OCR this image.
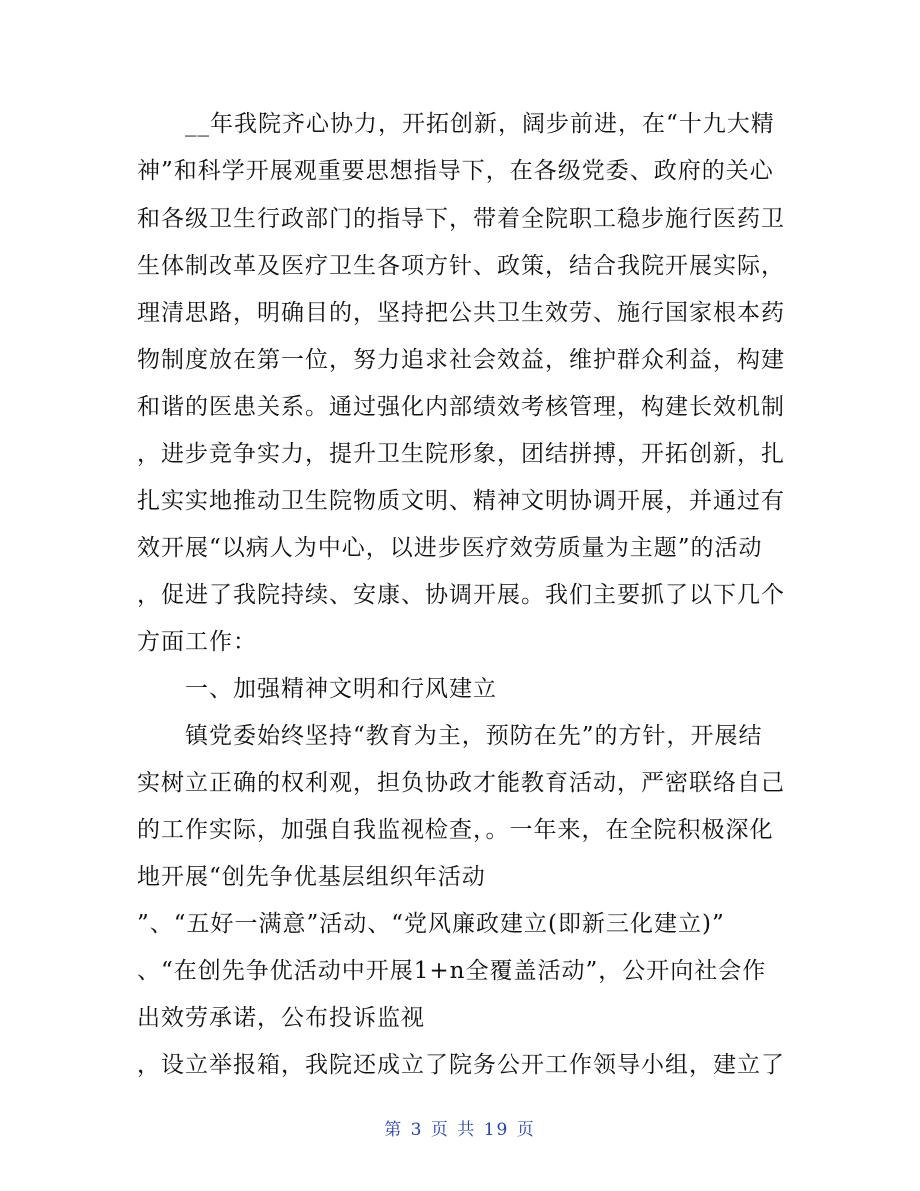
　　__年我院齐心协力，开拓创新，阔步前进，在“十九大精
神”和科学开展观重要思想指导下，在各级党委、政府的关心
和各级卫生行政部门的指导下，带着全院职工稳步施行医药卫
生体制改革及医疗卫生各项方针、政策，结合我院开展实际，
理清思路，明确目的，坚持把公共卫生效劳、施行国家根本药
物制度放在第一位，努力追求社会效益，维护群众利益，构建
和谐的医患关系。通过强化内部绩效考核管理，构建长效机制
，进步竞争实力，提升卫生院形象，团结拼搏，开拓创新，扎
扎实实地推动卫生院物质文明、精神文明协调开展，并通过有
效开展“以病人为中心，以进步医疗效劳质量为主题”的活动
，促进了我院持续、安康、协调开展。我们主要抓了以下几个
方面工作：
　　一、加强精神文明和行风建立
　　镇党委始终坚持“教育为主，预防在先”的方针，开展结
实树立正确的权利观，担负协政才能教育活动，严密联络自己
的工作实际，加强自我监视检查，。一年来，在全院积极深化
地开展“创先争优基层组织年活动
”、“五好一满意”活动、“党风廉政建立(即新三化建立)”
、“在创先争优活动中开展1+n全覆盖活动”，公开向社会作
出效劳承诺，公布投诉监视
，设立举报箱，我院还成立了院务公开工作领导小组，建立了
第 3 页 共 19 页
